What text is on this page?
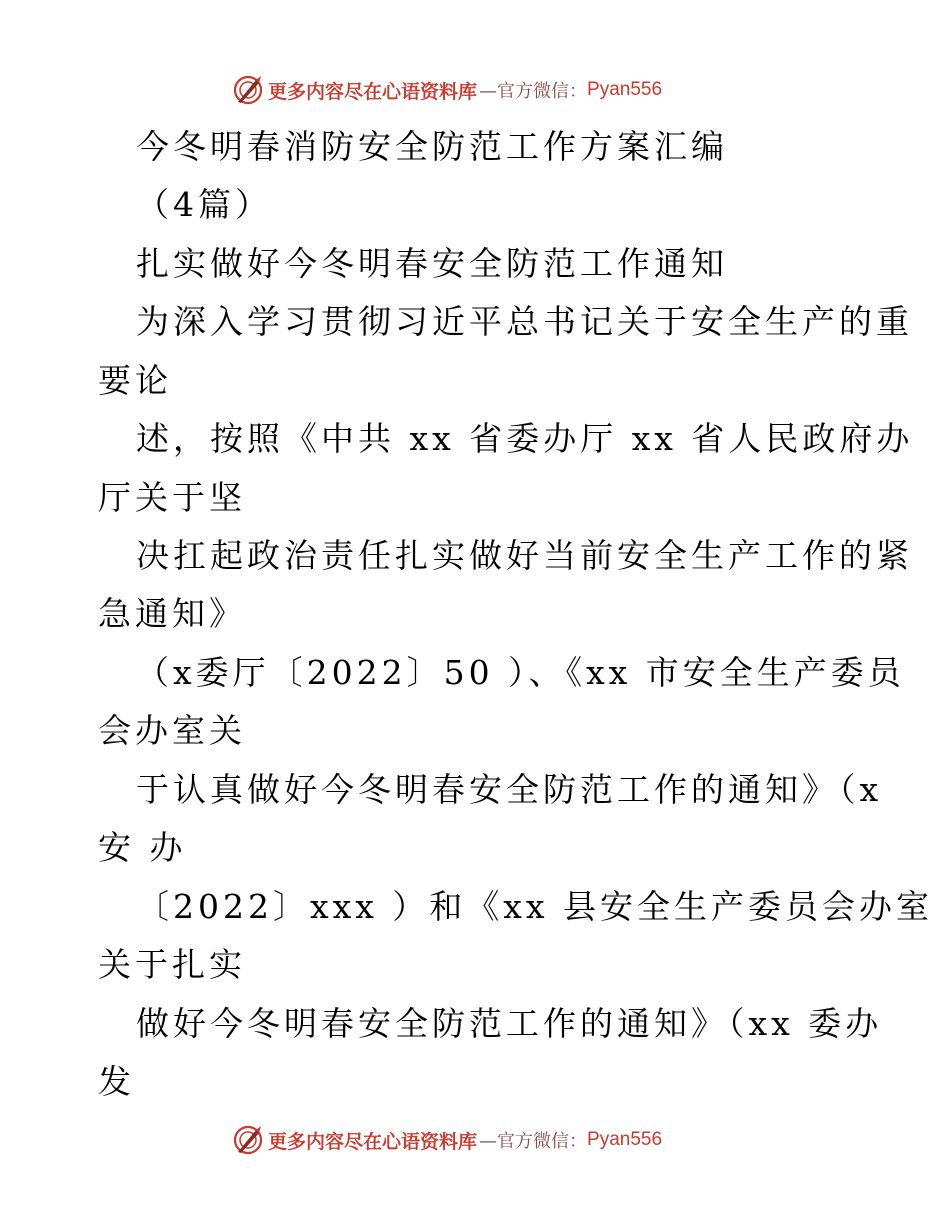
更多内容尽在心语资料库 —官方微信： Pyan556
今冬明春消防安全防范工作方案汇编
（4篇）
扎实做好今冬明春安全防范工作通知
为深入学习贯彻习近平总书记关于安全生产的重
要论
述，按照《中共 xx 省委办厅 xx 省人民政府办
厅关于坚
决扛起政治责任扎实做好当前安全生产工作的紧
急通知》
（x委厅〔2022〕50 ）、《xx 市安全生产委员
会办室关
于认真做好今冬明春安全防范工作的通知》（x
安 办
〔2022〕xxx ）和《xx 县安全生产委员会办室
关于扎实
做好今冬明春安全防范工作的通知》（xx 委办
发
更多内容尽在心语资料库 —官方微信： Pyan556
